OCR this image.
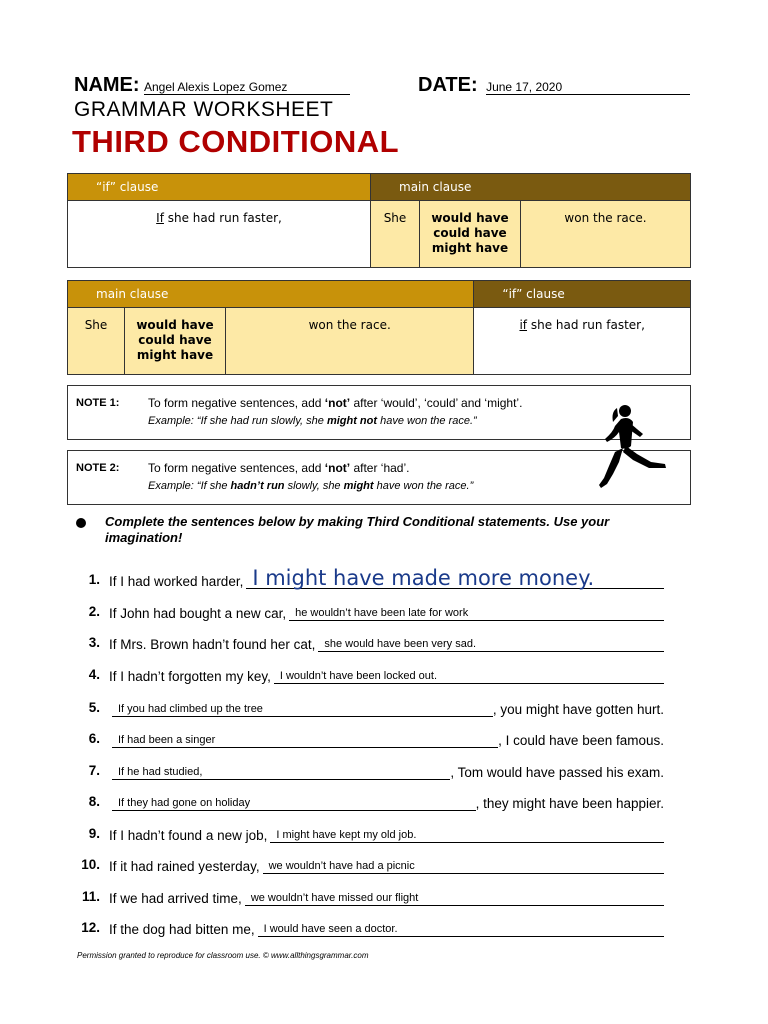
NAME: Angel Alexis Lopez Gomez	DATE: June 17, 2020
GRAMMAR WORKSHEET
THIRD CONDITIONAL
“if” clause	main clause		
If she had run faster,	She	would have
could have
might have	won the race.
main clause			“if” clause
She	would have
could have
might have	won the race.	if she had run faster,
NOTE 1: To form negative sentences, add ‘not’ after ‘would’, ‘could’ and ‘might’.
Example: “If she had run slowly, she might not have won the race.”
NOTE 2: To form negative sentences, add ‘not’ after ‘had’.
Example: “If she hadn’t run slowly, she might have won the race.”
Complete the sentences below by making Third Conditional statements. Use your imagination!
1. If I had worked harder, I might have made more money.
2. If John had bought a new car, he wouldn’t have been late for work
3. If Mrs. Brown hadn’t found her cat, she would have been very sad.
4. If I hadn’t forgotten my key, I wouldn’t have been locked out.
5. If you had climbed up the tree	, you might have gotten hurt.
6. If had been a singer	, I could have been famous.
7. If he had studied,	, Tom would have passed his exam.
8. If they had gone on holiday	, they might have been happier.
9. If I hadn’t found a new job, I might have kept my old job.
10. If it had rained yesterday, we wouldn’t have had a picnic
11. If we had arrived time, we wouldn’t have missed our flight
12. If the dog had bitten me, I would have seen a doctor.
Permission granted to reproduce for classroom use. © www.allthingsgrammar.com
